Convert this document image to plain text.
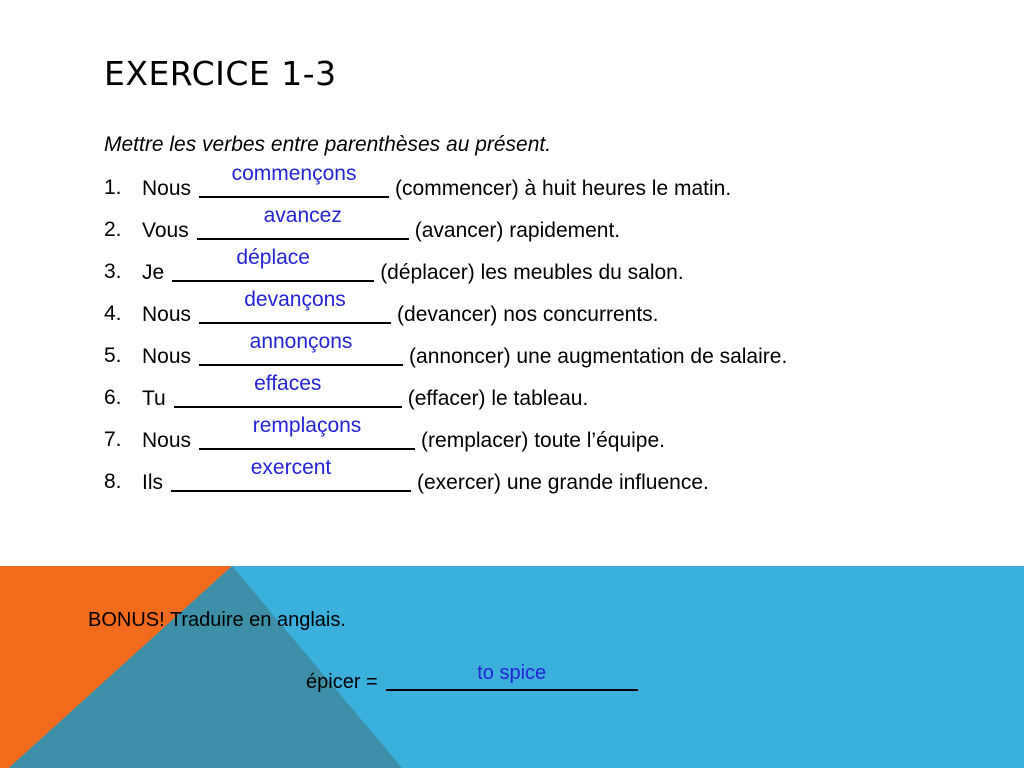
EXERCICE 1-3
Mettre les verbes entre parenthèses au présent.
1. Nous
commençons
(commencer) à huit heures le matin.
2. Vous
avancez
(avancer) rapidement.
3. Je
déplace
(déplacer) les meubles du salon.
4. Nous
devançons
(devancer) nos concurrents.
5. Nous
annonçons
(annoncer) une augmentation de salaire.
6. Tu
effaces
(effacer) le tableau.
7. Nous
remplaçons
(remplacer) toute l’équipe.
8. Ils
exercent
(exercer) une grande influence.
BONUS! Traduire en anglais.
épicer =	to spice
